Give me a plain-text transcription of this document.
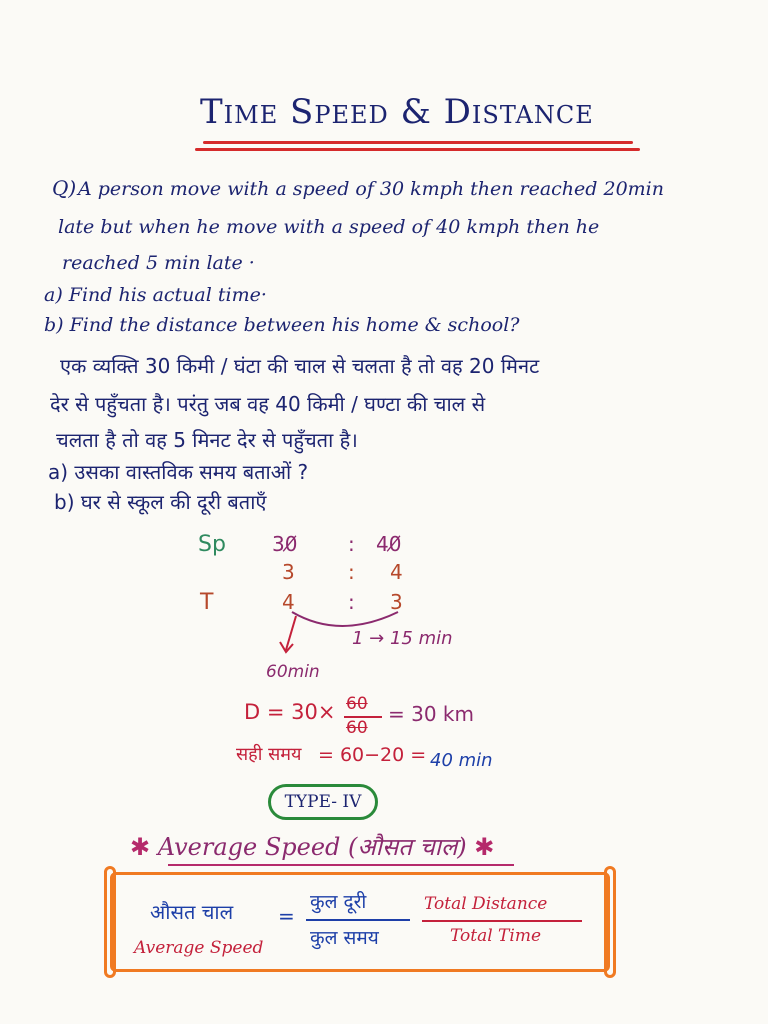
Time Speed & Distance
Q) A person move with a speed of 30 kmph then reached 20min
late but when he move with a speed of 40 kmph then he
reached 5 min late ·
a) Find his actual time·
b) Find the distance between his home & school?
एक व्यक्ति 30 किमी / घंटा की चाल से चलता है तो वह 20 मिनट
देर से पहुँचता है। परंतु जब वह 40 किमी / घण्टा की चाल से
चलता है तो वह 5 मिनट देर से पहुँचता है।
a) उसका वास्तविक समय बताओं ?
b) घर से स्कूल की दूरी बताएँ
Sp 30̸	: 40̸
3	: 4
T	4	: 3
1 → 15 min
60min
D = 30× 60
60
= 30 km
सही समय = 60−20 = 40 min
TYPE- IV
✱ Average Speed (औसत चाल) ✱
औसत चाल
Average Speed
=
कुल दूरी
कुल समय
Total Distance
Total Time
